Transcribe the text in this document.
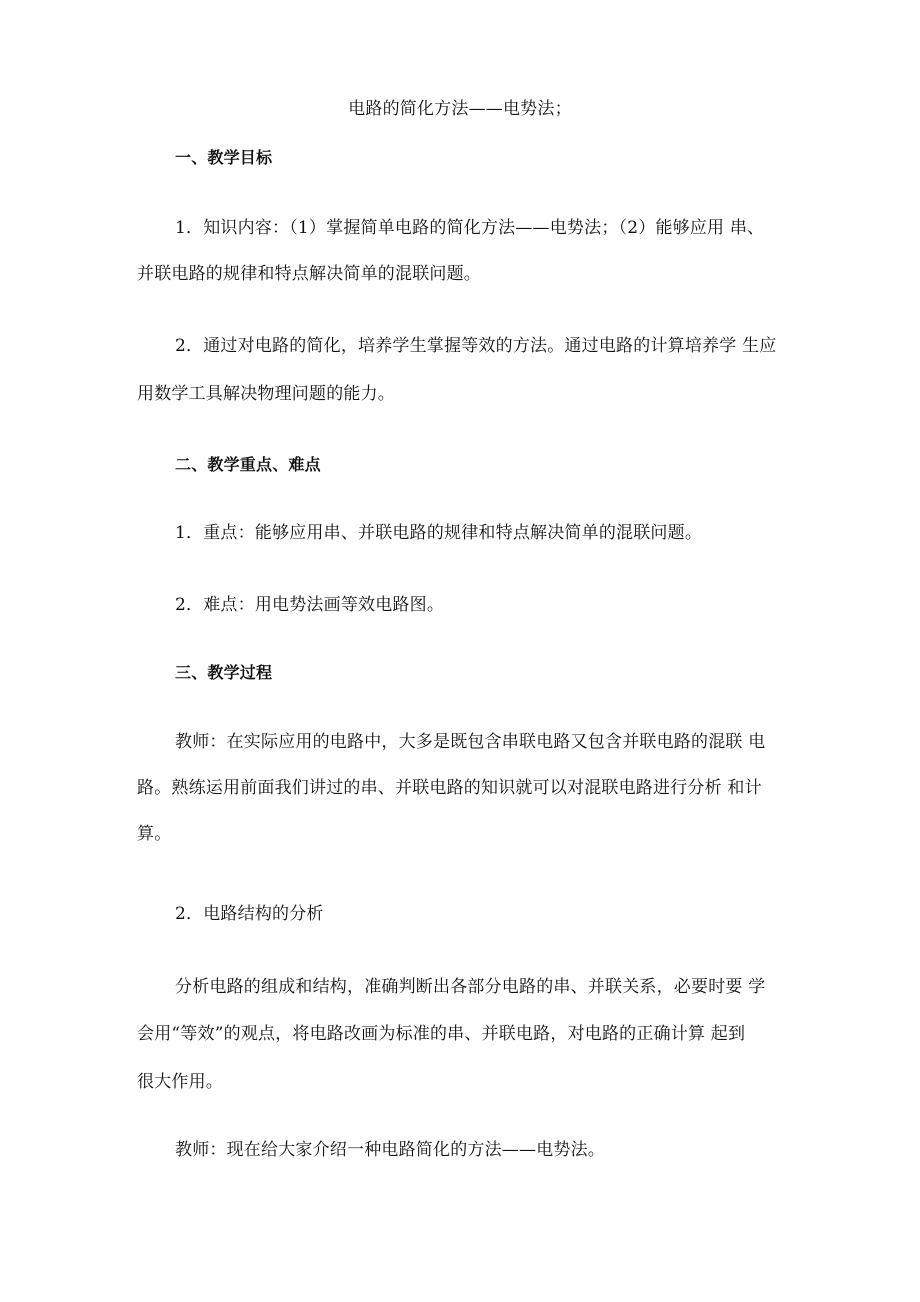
电路的简化方法——电势法；
一、教学目标
1．知识内容：（1）掌握简单电路的简化方法——电势法；（2）能够应用 串、
并联电路的规律和特点解决简单的混联问题。
2．通过对电路的简化，培养学生掌握等效的方法。通过电路的计算培养学 生应
用数学工具解决物理问题的能力。
二、教学重点、难点
1．重点：能够应用串、并联电路的规律和特点解决简单的混联问题。
2．难点：用电势法画等效电路图。
三、教学过程
教师：在实际应用的电路中，大多是既包含串联电路又包含并联电路的混联 电
路。熟练运用前面我们讲过的串、并联电路的知识就可以对混联电路进行分析 和计
算。
2．电路结构的分析
分析电路的组成和结构，准确判断出各部分电路的串、并联关系，必要时要 学
会用“等效”的观点，将电路改画为标准的串、并联电路，对电路的正确计算 起到
很大作用。
教师：现在给大家介绍一种电路简化的方法——电势法。
